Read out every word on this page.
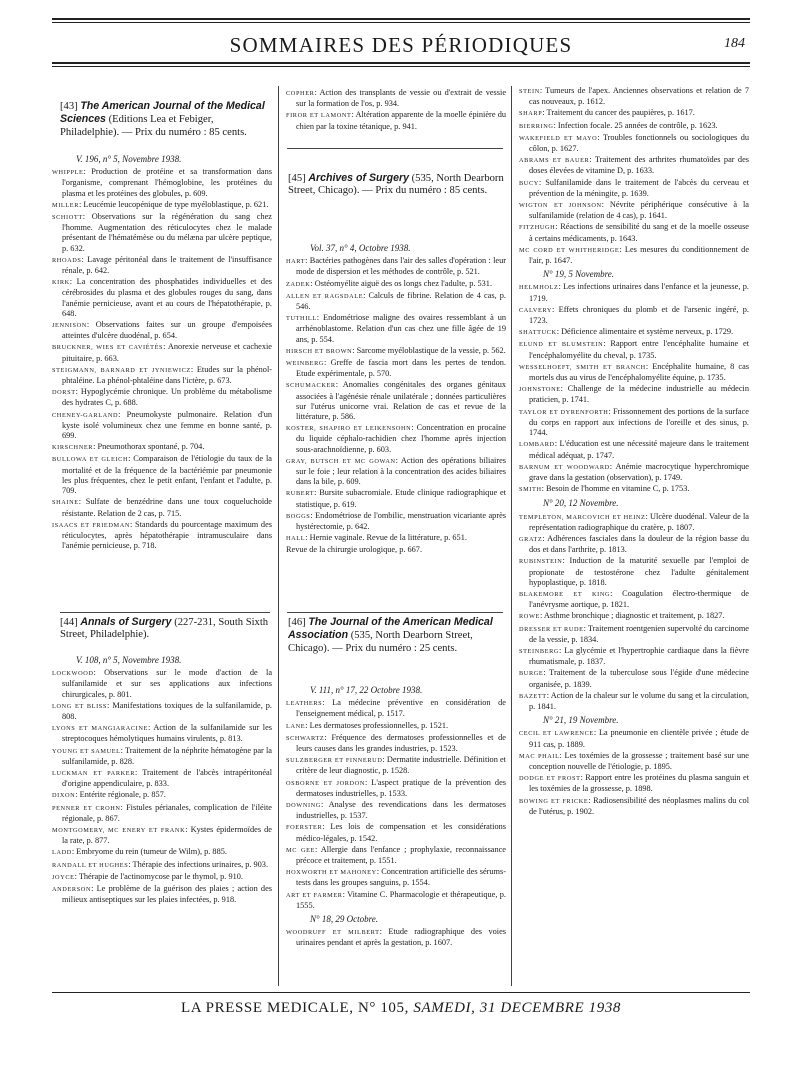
SOMMAIRES DES PÉRIODIQUES	184
[43] The American Journal of the Medical Sciences (Editions Lea et Febiger, Philadelphie). — Prix du numéro : 85 cents.
V. 196, n° 5, Novembre 1938.
WHIPPLE: Production de protéine et sa transformation dans l'organisme, comprenant l'hémoglobine, les protéines du plasma et les protéines des globules, p. 609.
MILLER: Leucémie leucopénique de type myéloblastique, p. 621.
SCHIOTT: Observations sur la régénération du sang chez l'homme. Augmentation des réticulocytes chez le malade présentant de l'hématémèse ou du mélæna par ulcère peptique, p. 632.
RHOADS: Lavage péritonéal dans le traitement de l'insuffisance rénale, p. 642.
KIRK: La concentration des phosphatides individuelles et des cérébrosides du plasma et des globules rouges du sang, dans l'anémie pernicieuse, avant et au cours de l'hépatothérapie, p. 648.
JENNISON: Observations faites sur un groupe d'empoisées atteintes d'ulcère duodénal, p. 654.
BRUCKNER, WIES ET CAVIÉTÉS: Anorexie nerveuse et cachexie pituitaire, p. 663.
STEIGMANN, BARNARD ET JYNIEWICZ: Etudes sur la phénol-phtaléine. La phénol-phtaléine dans l'ictère, p. 673.
DORST: Hypoglycémie chronique. Un problème du métabolisme des hydrates C, p. 688.
CHENEY-GARLAND: Pneumokyste pulmonaire. Relation d'un kyste isolé volumineux chez une femme en bonne santé, p. 699.
KIRSCHNER: Pneumothorax spontané, p. 704.
BULLOWA ET GLEICH: Comparaison de l'étiologie du taux de la mortalité et de la fréquence de la bactériémie par pneumonie les plus fréquentes, chez le petit enfant, l'enfant et l'adulte, p. 709.
SHAINE: Sulfate de benzédrine dans une toux coqueluchoïde résistante. Relation de 2 cas, p. 715.
ISAACS ET FRIEDMAN: Standards du pourcentage maximum des réticulocytes, après hépatothérapie intramusculaire dans l'anémie pernicieuse, p. 718.
[44] Annals of Surgery (227-231, South Sixth Street, Philadelphie).
V. 108, n° 5, Novembre 1938.
LOCKWOOD: Observations sur le mode d'action de la sulfanilamide et sur ses applications aux infections chirurgicales, p. 801.
LONG ET BLISS: Manifestations toxiques de la sulfanilamide, p. 808.
LYONS ET MANGIARACINE: Action de la sulfanilamide sur les streptocoques hémolytiques humains virulents, p. 813.
YOUNG ET SAMUEL: Traitement de la néphrite hématogène par la sulfanilamide, p. 828.
LUCKMAN ET PARKER: Traitement de l'abcès intrapéritonéal d'origine appendiculaire, p. 833.
DIXON: Entérite régionale, p. 857.
PENNER ET CROHN: Fistules périanales, complication de l'iléite régionale, p. 867.
MONTGOMERY, MC ENERY ET FRANK: Kystes épidermoïdes de la rate, p. 877.
LADD: Embryome du rein (tumeur de Wilm), p. 885.
RANDALL ET HUGHES: Thérapie des infections urinaires, p. 903.
JOYCE: Thérapie de l'actinomycose par le thymol, p. 910.
ANDERSON: Le problème de la guérison des plaies ; action des milieux antiseptiques sur les plaies infectées, p. 918.
COPHER: Action des transplants de vessie ou d'extrait de vessie sur la formation de l'os, p. 934.
FIROR ET LAMONT: Altération apparente de la moelle épinière du chien par la toxine tétanique, p. 941.
[45] Archives of Surgery (535, North Dearborn Street, Chicago). — Prix du numéro : 85 cents.
Vol. 37, n° 4, Octobre 1938.
HART: Bactéries pathogènes dans l'air des salles d'opération : leur mode de dispersion et les méthodes de contrôle, p. 521.
ZADEK: Ostéomyélite aiguë des os longs chez l'adulte, p. 531.
ALLEN ET RAGSDALE: Calculs de fibrine. Relation de 4 cas, p. 546.
TUTHILL: Endométriose maligne des ovaires ressemblant à un arrhénoblastome. Relation d'un cas chez une fille âgée de 19 ans, p. 554.
HIRSCH ET BROWN: Sarcome myéloblastique de la vessie, p. 562.
WEINBERG: Greffe de fascia mort dans les pertes de tendon. Etude expérimentale, p. 570.
SCHUMACKER: Anomalies congénitales des organes génitaux associées à l'agénésie rénale unilatérale ; données particulières sur l'utérus unicorne vrai. Relation de cas et revue de la littérature, p. 586.
KOSTER, SHAPIRO ET LEIKENSOHN: Concentration en procaïne du liquide céphalo-rachidien chez l'homme après injection sous-arachnoïdienne, p. 603.
GRAY, BUTSCH ET MC GOWAN: Action des opérations biliaires sur le foie ; leur relation à la concentration des acides biliaires dans la bile, p. 609.
RUBERT: Bursite subacromiale. Etude clinique radiographique et statistique, p. 619.
BOGGS: Endométriose de l'ombilic, menstruation vicariante après hystérectomie, p. 642.
HALL: Hernie vaginale. Revue de la littérature, p. 651.
Revue de la chirurgie urologique, p. 667.
[46] The Journal of the American Medical Association (535, North Dearborn Street, Chicago). — Prix du numéro : 25 cents.
V. 111, n° 17, 22 Octobre 1938.
LEATHERS: La médecine préventive en considération de l'enseignement médical, p. 1517.
LANE: Les dermatoses professionnelles, p. 1521.
SCHWARTZ: Fréquence des dermatoses professionnelles et de leurs causes dans les grandes industries, p. 1523.
SULZBERGER ET FINNERUD: Dermatite industrielle. Définition et critère de leur diagnostic, p. 1528.
OSBORNE ET JORDON: L'aspect pratique de la prévention des dermatoses industrielles, p. 1533.
DOWNING: Analyse des revendications dans les dermatoses industrielles, p. 1537.
FOERSTER: Les lois de compensation et les considérations médico-légales, p. 1542.
MC GEE: Allergie dans l'enfance ; prophylaxie, reconnaissance précoce et traitement, p. 1551.
HOXWORTH ET MAHONEY: Concentration artificielle des sérums-tests dans les groupes sanguins, p. 1554.
ART ET FARMER: Vitamine C. Pharmacologie et thérapeutique, p. 1555.
N° 18, 29 Octobre.
WOODRUFF ET MILBERT: Etude radiographique des voies urinaires pendant et après la gestation, p. 1607.
STEIN: Tumeurs de l'apex. Anciennes observations et relation de 7 cas nouveaux, p. 1612.
SHARP: Traitement du cancer des paupières, p. 1617.
BIERRING: Infection focale. 25 années de contrôle, p. 1623.
WAKEFIELD ET MAYO: Troubles fonctionnels ou sociologiques du côlon, p. 1627.
ABRAMS ET BAUER: Traitement des arthrites rhumatoïdes par des doses élevées de vitamine D, p. 1633.
BUCY: Sulfanilamide dans le traitement de l'abcès du cerveau et prévention de la méningite, p. 1639.
WIGTON ET JOHNSON: Névrite périphérique consécutive à la sulfanilamide (relation de 4 cas), p. 1641.
FITZHUGH: Réactions de sensibilité du sang et de la moelle osseuse à certains médicaments, p. 1643.
MC CORD ET WHITHERIDGE: Les mesures du conditionnement de l'air, p. 1647.
N° 19, 5 Novembre.
HELMHOLZ: Les infections urinaires dans l'enfance et la jeunesse, p. 1719.
CALVERY: Effets chroniques du plomb et de l'arsenic ingéré, p. 1723.
SHATTUCK: Déficience alimentaire et système nerveux, p. 1729.
ELUND ET BLUMSTEIN: Rapport entre l'encéphalite humaine et l'encéphalomyélite du cheval, p. 1735.
WESSELHOEFT, SMITH ET BRANCH: Encéphalite humaine, 8 cas mortels dus au virus de l'encéphalomyélite équine, p. 1735.
JOHNSTONE: Challenge de la médecine industrielle au médecin praticien, p. 1741.
TAYLOR ET DYRENFORTH: Frissonnement des portions de la surface du corps en rapport aux infections de l'oreille et des sinus, p. 1744.
LOMBARD: L'éducation est une nécessité majeure dans le traitement médical adéquat, p. 1747.
BARNUM ET WOODWARD: Anémie macrocytique hyperchromique grave dans la gestation (observation), p. 1749.
SMITH: Besoin de l'homme en vitamine C, p. 1753.
N° 20, 12 Novembre.
TEMPLETON, MARCOVICH ET HEINZ: Ulcère duodénal. Valeur de la représentation radiographique du cratère, p. 1807.
GRATZ: Adhérences fasciales dans la douleur de la région basse du dos et dans l'arthrite, p. 1813.
RUBINSTEIN: Induction de la maturité sexuelle par l'emploi de propionate de testostérone chez l'adulte génitalement hypoplastique, p. 1818.
BLAKEMORE ET KING: Coagulation électro-thermique de l'anévrysme aortique, p. 1821.
ROWE: Asthme bronchique ; diagnostic et traitement, p. 1827.
DRESSER ET RUDE: Traitement roentgenien supervolté du carcinome de la vessie, p. 1834.
STEINBERG: La glycémie et l'hypertrophie cardiaque dans la fièvre rhumatismale, p. 1837.
BURGE: Traitement de la tuberculose sous l'égide d'une médecine organisée, p. 1839.
BAZETT: Action de la chaleur sur le volume du sang et la circulation, p. 1841.
N° 21, 19 Novembre.
CECIL ET LAWRENCE: La pneumonie en clientèle privée ; étude de 911 cas, p. 1889.
MAC PHAIL: Les toxémies de la grossesse ; traitement basé sur une conception nouvelle de l'étiologie, p. 1895.
DODGE ET FROST: Rapport entre les protéines du plasma sanguin et les toxémies de la grossesse, p. 1898.
BOWING ET FRICKE: Radiosensibilité des néoplasmes malins du col de l'utérus, p. 1902.
LA PRESSE MEDICALE, N° 105, SAMEDI, 31 DECEMBRE 1938
